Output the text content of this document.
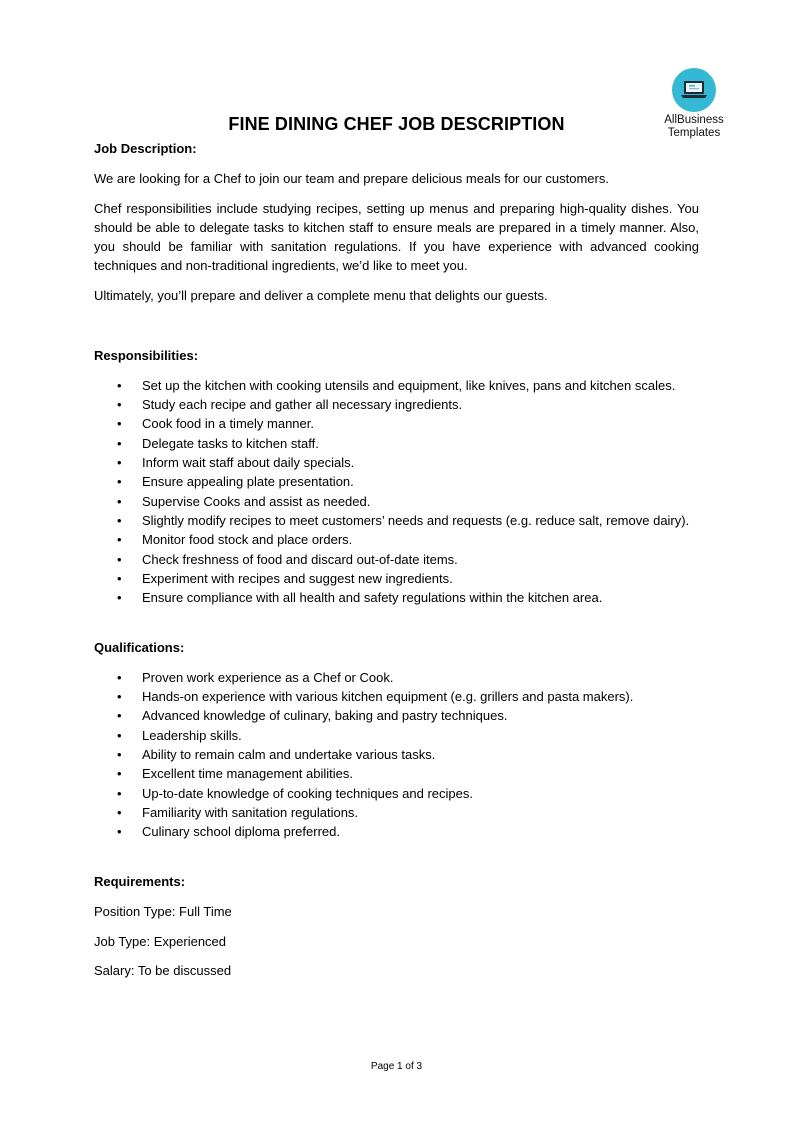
AllBusiness
Templates
FINE DINING CHEF JOB DESCRIPTION

Job Description:

We are looking for a Chef to join our team and prepare delicious meals for our customers.

Chef responsibilities include studying recipes, setting up menus and preparing high-quality dishes. You should be able to delegate tasks to kitchen staff to ensure meals are prepared in a timely manner. Also, you should be familiar with sanitation regulations. If you have experience with advanced cooking techniques and non-traditional ingredients, we’d like to meet you.

Ultimately, you’ll prepare and deliver a complete menu that delights our guests.

Responsibilities:

• Set up the kitchen with cooking utensils and equipment, like knives, pans and kitchen scales.
• Study each recipe and gather all necessary ingredients.
• Cook food in a timely manner.
• Delegate tasks to kitchen staff.
• Inform wait staff about daily specials.
• Ensure appealing plate presentation.
• Supervise Cooks and assist as needed.
• Slightly modify recipes to meet customers’ needs and requests (e.g. reduce salt, remove dairy).
• Monitor food stock and place orders.
• Check freshness of food and discard out-of-date items.
• Experiment with recipes and suggest new ingredients.
• Ensure compliance with all health and safety regulations within the kitchen area.

Qualifications:

• Proven work experience as a Chef or Cook.
• Hands-on experience with various kitchen equipment (e.g. grillers and pasta makers).
• Advanced knowledge of culinary, baking and pastry techniques.
• Leadership skills.
• Ability to remain calm and undertake various tasks.
• Excellent time management abilities.
• Up-to-date knowledge of cooking techniques and recipes.
• Familiarity with sanitation regulations.
• Culinary school diploma preferred.

Requirements:

Position Type: Full Time

Job Type: Experienced

Salary: To be discussed

Page 1 of 3
